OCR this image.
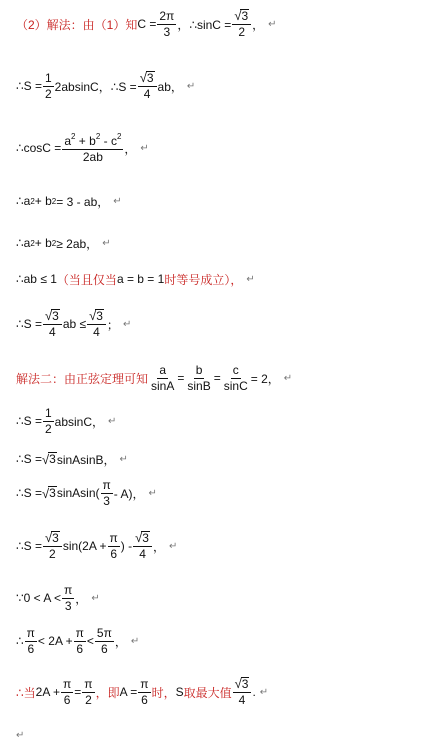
（2）解法：由（1）知 $C = \frac{2\pi}{3}$ ，∴sinC = $\frac{√ 3}{2}$ ， ↵
∴S = $\frac{1}{2} 2absinC$，∴S = $\frac{√ 3}{4}$ ab， ↵
∴cosC = $\frac{a^2 + b^2 - c^2}{2ab}$ ， ↵
∴a 2 + b 2 = 3 - ab， ↵
∴a 2 + b 2 ≥ 2ab， ↵
∴ab ≤ 1 （当且仅当 a = b = 1 时等号成立）， ↵
∴S = $\frac{√ 3}{4}$ ab ≤ $\frac{√ 3}{4}$ ； ↵
解法二：由正弦定理可知 $\frac{a}{\sin A} = \frac{b}{\sin B} = \frac{c}{\sin C} = 2$， ↵
∴S = $\frac{1}{2}$ absinC， ↵
∴S = √ 3 sinAsinB， ↵
∴S = √ 3 sinAsin( $\frac{\pi}{3} - A$)， ↵
∴S = $\frac{√ 3}{2} \sin(2A + \frac{\pi}{6}$ ) - $\frac{√ 3}{4}$ ， ↵
∵0 < $A < \frac{\pi}{3}$ ， ↵
∴ $\frac{\pi}{6} < 2A + \frac{\pi}{6} < \frac{5\pi}{6}$ ， ↵
∴当 $2A + \frac{\pi}{6} = \frac{\pi}{2}$ ，即 $A = \frac{\pi}{6}$ 时， S 取最大值 $\frac{√ 3}{4}$ . ↵
↵
